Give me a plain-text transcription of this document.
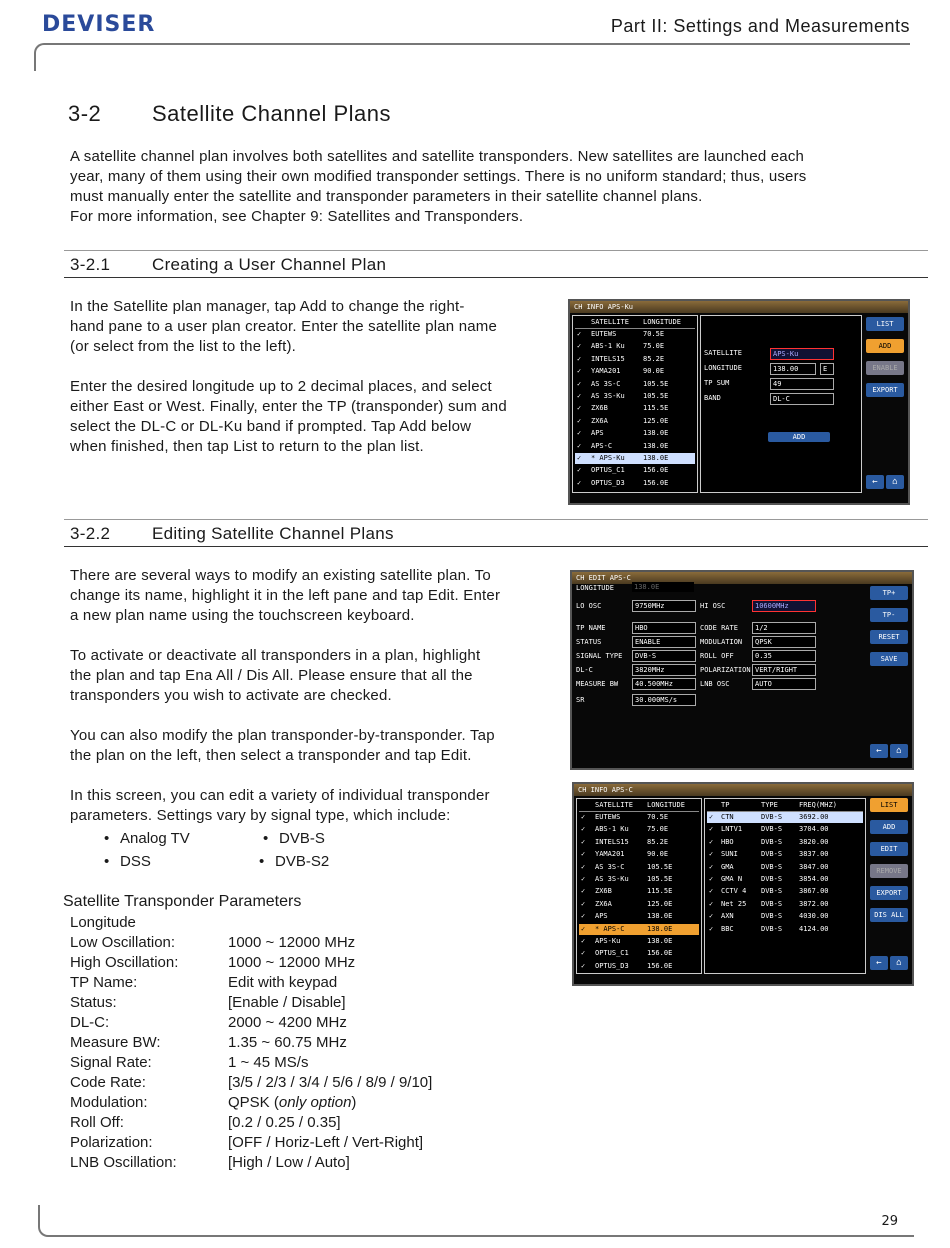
DEVISER	Part II: Settings and Measurements
3-2 Satellite Channel Plans
A satellite channel plan involves both satellites and satellite transponders. New satellites are launched each
year, many of them using their own modified transponder settings. There is no uniform standard; thus, users
must manually enter the satellite and transponder parameters in their satellite channel plans.
For more information, see Chapter 9: Satellites and Transponders.
3-2.1 Creating a User Channel Plan
In the Satellite plan manager, tap Add to change the right-
hand pane to a user plan creator. Enter the satellite plan name
(or select from the list to the left).
Enter the desired longitude up to 2 decimal places, and select
either East or West. Finally, enter the TP (transponder) sum and
select the DL-C or DL-Ku band if prompted. Tap Add below
when finished, then tap List to return to the plan list.
CH INFO APS-Ku
SATELLITE LONGITUDE
✓ EUTEWS	70.5E
✓ ABS-1 Ku	75.0E
✓ INTELS15	85.2E
✓ YAMA201	90.0E
✓ AS 3S-C	105.5E
✓ AS 3S-Ku	105.5E
✓ ZX6B	115.5E
✓ ZX6A	125.0E
✓ APS	138.0E
✓ APS-C	138.0E
✓ * APS-Ku	138.0E
✓ OPTUS_C1	156.0E
✓ OPTUS_D3	156.0E
SATELLITE	APS-Ku
LONGITUDE	138.00	E
TP SUM	49
BAND	DL-C
ADD
LIST
ADD
ENABLE
EXPORT
←	⌂
3-2.2 Editing Satellite Channel Plans
There are several ways to modify an existing satellite plan. To
change its name, highlight it in the left pane and tap Edit. Enter
a new plan name using the touchscreen keyboard.
To activate or deactivate all transponders in a plan, highlight
the plan and tap Ena All / Dis All. Please ensure that all the
transponders you wish to activate are checked.
You can also modify the plan transponder-by-transponder. Tap
the plan on the left, then select a transponder and tap Edit.
In this screen, you can edit a variety of individual transponder
parameters. Settings vary by signal type, which include:
• Analog TV	• DVB-S
• DSS	• DVB-S2
CH EDIT APS-C
LONGITUDE	138.0E
LO OSC	9750MHz
TP NAME	HBO
STATUS	ENABLE
SIGNAL TYPE	DVB-S
DL-C	3820MHz
MEASURE BW	40.500MHz
SR	30.000MS/s
HI OSC	10600MHz
CODE RATE	1/2
MODULATION	QPSK
ROLL OFF	0.35
POLARIZATION VERT/RIGHT
LNB OSC	AUTO
TP+
TP-
RESET
SAVE
←	⌂
CH INFO APS-C
SATELLITE LONGITUDE
✓ EUTEWS	70.5E
✓ ABS-1 Ku	75.0E
✓ INTELS15	85.2E
✓ YAMA201	90.0E
✓ AS 3S-C	105.5E
✓ AS 3S-Ku	105.5E
✓ ZX6B	115.5E
✓ ZX6A	125.0E
✓ APS	138.0E
✓ * APS-C	138.0E
✓ APS-Ku	138.0E
✓ OPTUS_C1	156.0E
✓ OPTUS_D3	156.0E
TP	TYPE	FREQ(MHZ)
✓ CTN	DVB-S 3692.00
✓ LNTV1	DVB-S 3704.00
✓ HBO	DVB-S 3820.00
✓ SUNI	DVB-S 3837.00
✓ GMA	DVB-S 3847.00
✓ GMA N	DVB-S 3854.00
✓ CCTV 4 DVB-S 3867.00
✓ Net 25 DVB-S 3872.00
✓ AXN	DVB-S 4030.00
✓ BBC	DVB-S 4124.00
LIST
ADD
EDIT
REMOVE
EXPORT
DIS ALL
←	⌂
Satellite Transponder Parameters
Longitude
Low Oscillation:	1000 ~ 12000 MHz
High Oscillation:	1000 ~ 12000 MHz
TP Name:	Edit with keypad
Status:	[Enable / Disable]
DL-C:	2000 ~ 4200 MHz
Measure BW:	1.35 ~ 60.75 MHz
Signal Rate:	1 ~ 45 MS/s
Code Rate:	[3/5 / 2/3 / 3/4 / 5/6 / 8/9 / 9/10]
Modulation:	QPSK (only option)
Roll Off:	[0.2 / 0.25 / 0.35]
Polarization:	[OFF / Horiz-Left / Vert-Right]
LNB Oscillation:	[High / Low / Auto]
29
